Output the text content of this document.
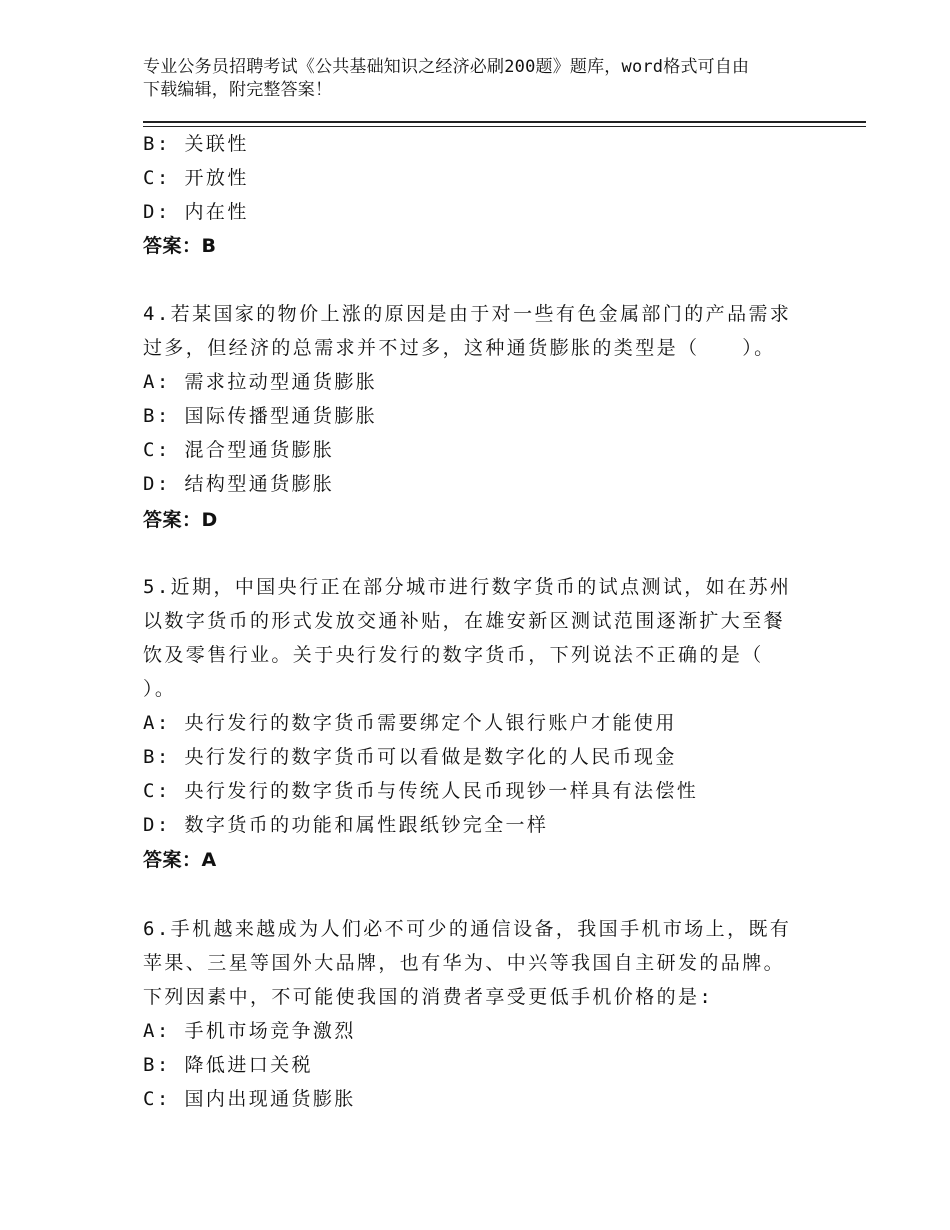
专业公务员招聘考试《公共基础知识之经济必刷200题》题库，word格式可自由
下载编辑，附完整答案！
B: 关联性
C: 开放性
D: 内在性
答案：B
4.若某国家的物价上涨的原因是由于对一些有色金属部门的产品需求
过多，但经济的总需求并不过多，这种通货膨胀的类型是（　　）。
A: 需求拉动型通货膨胀
B: 国际传播型通货膨胀
C: 混合型通货膨胀
D: 结构型通货膨胀
答案：D
5.近期，中国央行正在部分城市进行数字货币的试点测试，如在苏州
以数字货币的形式发放交通补贴，在雄安新区测试范围逐渐扩大至餐
饮及零售行业。关于央行发行的数字货币，下列说法不正确的是（
）。
A: 央行发行的数字货币需要绑定个人银行账户才能使用
B: 央行发行的数字货币可以看做是数字化的人民币现金
C: 央行发行的数字货币与传统人民币现钞一样具有法偿性
D: 数字货币的功能和属性跟纸钞完全一样
答案：A
6.手机越来越成为人们必不可少的通信设备，我国手机市场上，既有
苹果、三星等国外大品牌，也有华为、中兴等我国自主研发的品牌。
下列因素中，不可能使我国的消费者享受更低手机价格的是:
A: 手机市场竞争激烈
B: 降低进口关税
C: 国内出现通货膨胀
